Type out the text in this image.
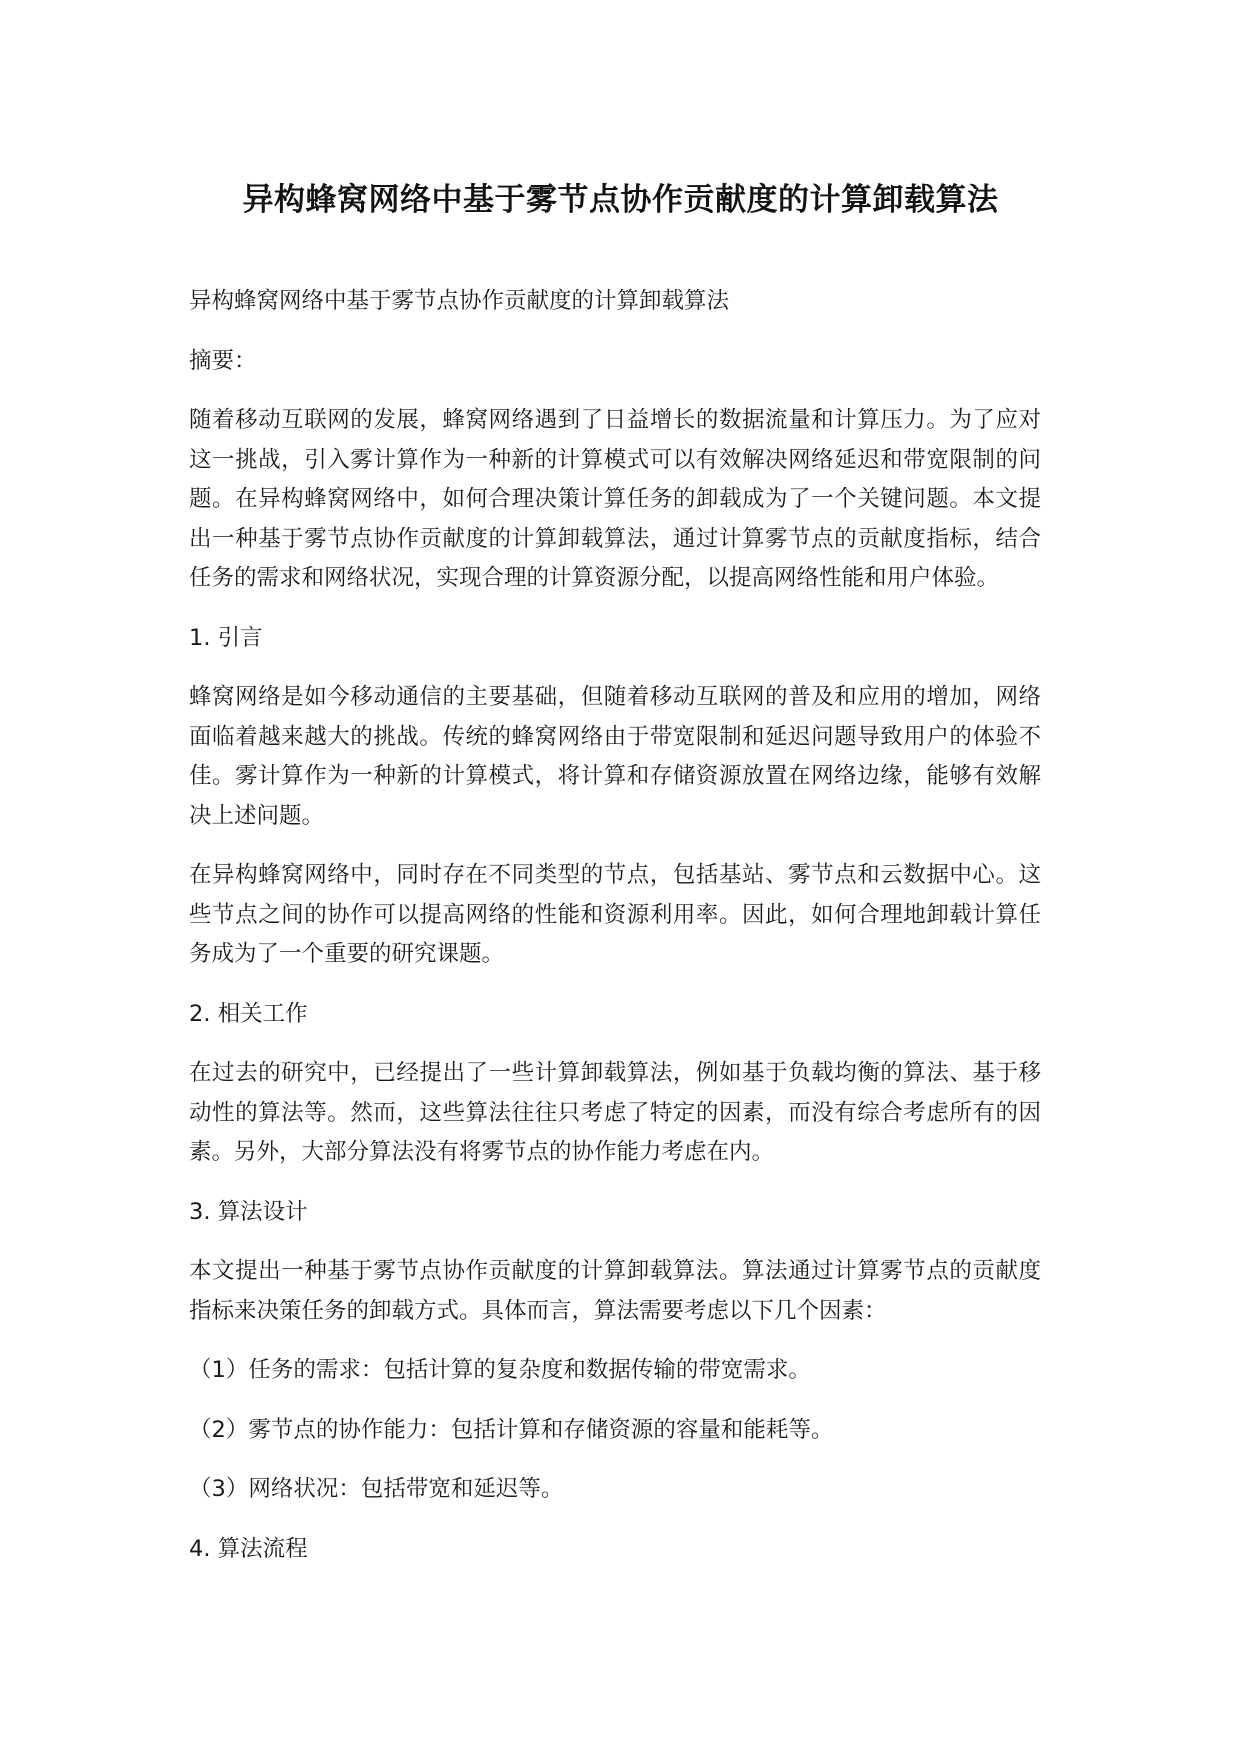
异构蜂窝网络中基于雾节点协作贡献度的计算卸载算法

异构蜂窝网络中基于雾节点协作贡献度的计算卸载算法

摘要：

随着移动互联网的发展，蜂窝网络遇到了日益增长的数据流量和计算压力。为了应对这一挑战，引入雾计算作为一种新的计算模式可以有效解决网络延迟和带宽限制的问题。在异构蜂窝网络中，如何合理决策计算任务的卸载成为了一个关键问题。本文提出一种基于雾节点协作贡献度的计算卸载算法，通过计算雾节点的贡献度指标，结合任务的需求和网络状况，实现合理的计算资源分配，以提高网络性能和用户体验。

1. 引言

蜂窝网络是如今移动通信的主要基础，但随着移动互联网的普及和应用的增加，网络面临着越来越大的挑战。传统的蜂窝网络由于带宽限制和延迟问题导致用户的体验不佳。雾计算作为一种新的计算模式，将计算和存储资源放置在网络边缘，能够有效解决上述问题。

在异构蜂窝网络中，同时存在不同类型的节点，包括基站、雾节点和云数据中心。这些节点之间的协作可以提高网络的性能和资源利用率。因此，如何合理地卸载计算任务成为了一个重要的研究课题。

2. 相关工作

在过去的研究中，已经提出了一些计算卸载算法，例如基于负载均衡的算法、基于移动性的算法等。然而，这些算法往往只考虑了特定的因素，而没有综合考虑所有的因素。另外，大部分算法没有将雾节点的协作能力考虑在内。

3. 算法设计

本文提出一种基于雾节点协作贡献度的计算卸载算法。算法通过计算雾节点的贡献度指标来决策任务的卸载方式。具体而言，算法需要考虑以下几个因素：

（1）任务的需求：包括计算的复杂度和数据传输的带宽需求。

（2）雾节点的协作能力：包括计算和存储资源的容量和能耗等。

（3）网络状况：包括带宽和延迟等。

4. 算法流程
